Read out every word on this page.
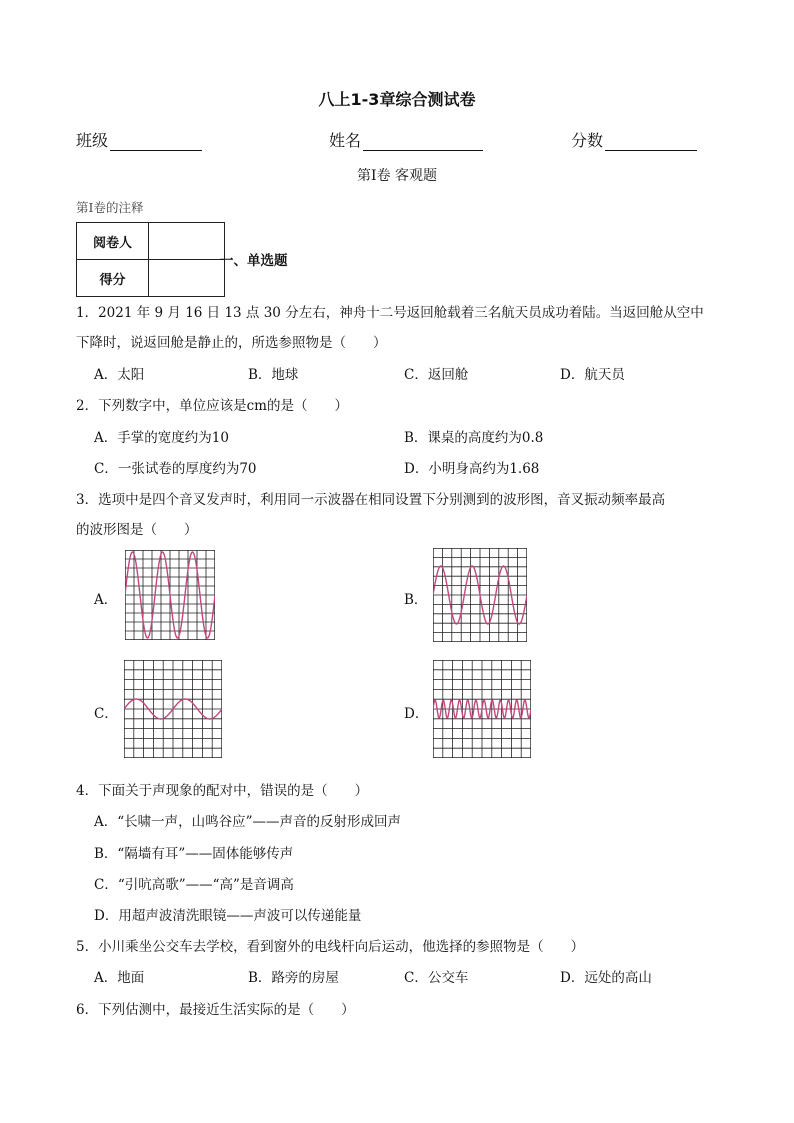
八上1-3章综合测试卷
班级	姓名	分数
第Ⅰ卷 客观题
第Ⅰ卷的注释
阅卷人	
得分	
一、单选题
1．2021 年 9 月 16 日 13 点 30 分左右，神舟十二号返回舱载着三名航天员成功着陆。当返回舱从空中
下降时，说返回舱是静止的，所选参照物是（　　）
A．太阳	B．地球	C．返回舱	D．航天员
2．下列数字中，单位应该是cm的是（　　）
A．手掌的宽度约为10	B．课桌的高度约为0.8
C．一张试卷的厚度约为70	D．小明身高约为1.68
3．选项中是四个音叉发声时，利用同一示波器在相同设置下分别测到的波形图，音叉振动频率最高
的波形图是（　　）
A．	B．
C．	D．
4．下面关于声现象的配对中，错误的是（　　）
A．“长啸一声，山鸣谷应”——声音的反射形成回声
B．“隔墙有耳”——固体能够传声
C．“引吭高歌”——“高”是音调高
D．用超声波清洗眼镜——声波可以传递能量
5．小川乘坐公交车去学校，看到窗外的电线杆向后运动，他选择的参照物是（　　）
A．地面	B．路旁的房屋	C．公交车	D．远处的高山
6．下列估测中，最接近生活实际的是（　　）
